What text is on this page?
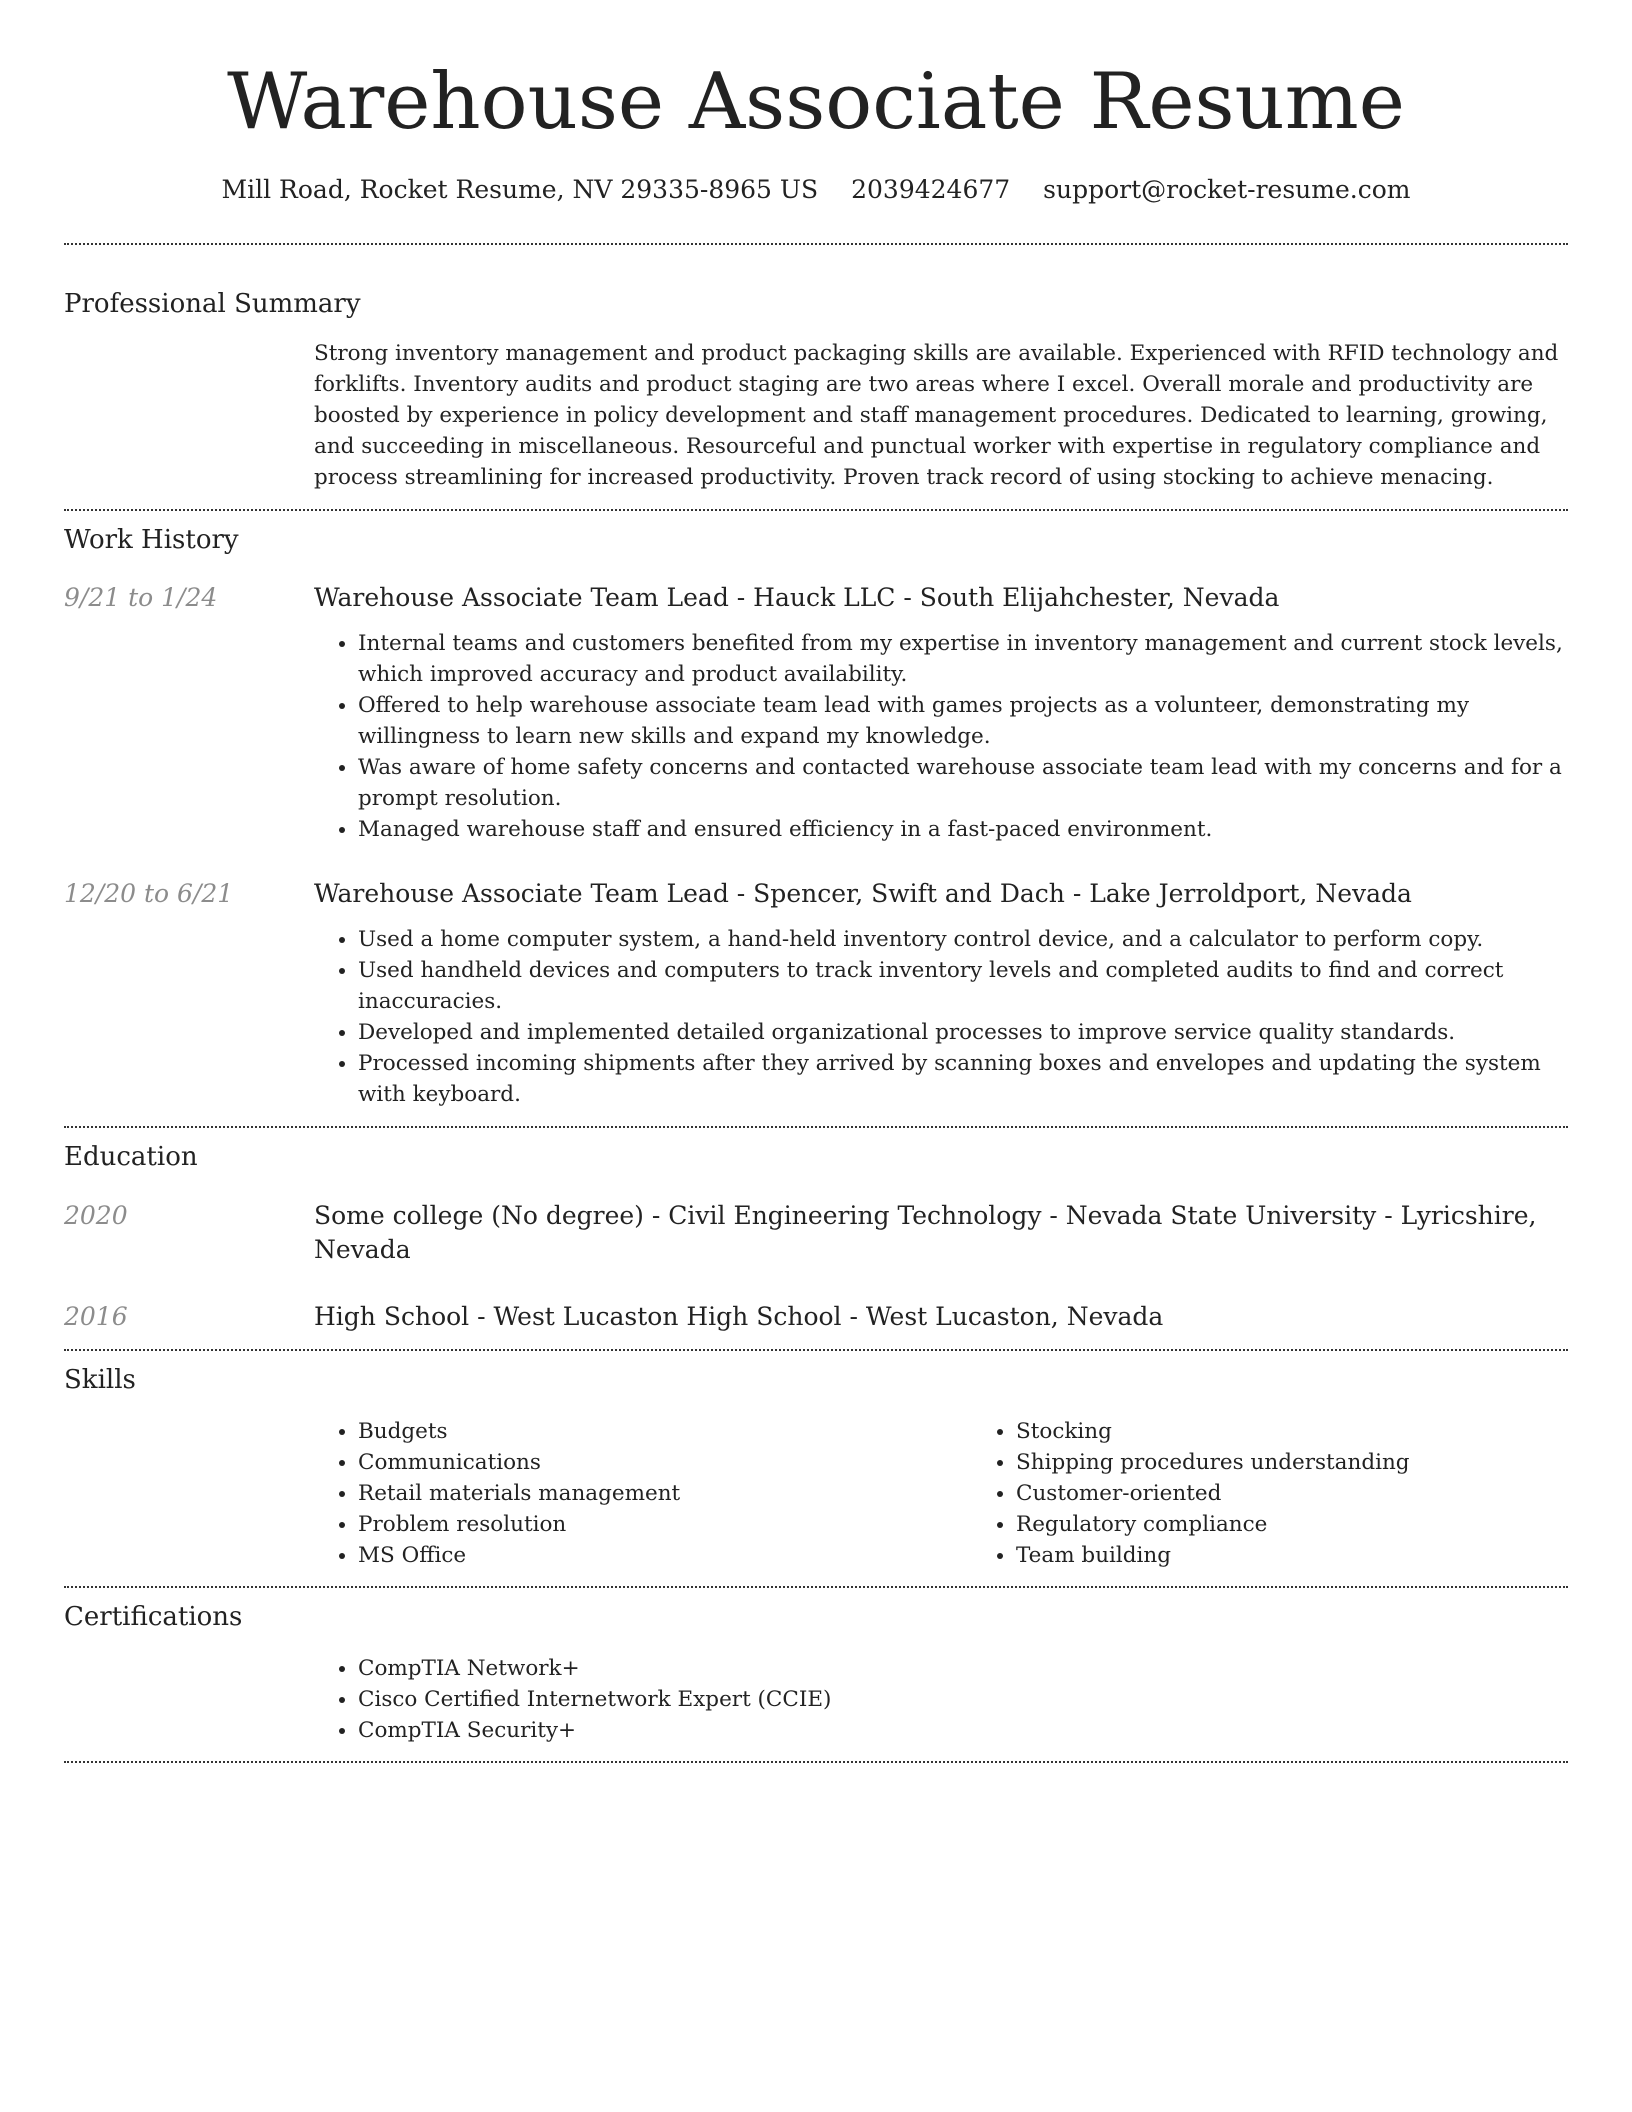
Warehouse Associate Resume
Mill Road, Rocket Resume, NV 29335-8965 US 2039424677 support@rocket-resume.com
Professional Summary

Strong inventory management and product packaging skills are available. Experienced with RFID technology and forklifts. Inventory audits and product staging are two areas where I excel. Overall morale and productivity are boosted by experience in policy development and staff management procedures. Dedicated to learning, growing, and succeeding in miscellaneous. Resourceful and punctual worker with expertise in regulatory compliance and process streamlining for increased productivity. Proven track record of using stocking to achieve menacing.

Work History
9/21 to 1/24	Warehouse Associate Team Lead - Hauck LLC - South Elijahchester, Nevada
• Internal teams and customers benefited from my expertise in inventory management and current stock levels, which improved accuracy and product availability.
• Offered to help warehouse associate team lead with games projects as a volunteer, demonstrating my willingness to learn new skills and expand my knowledge.
• Was aware of home safety concerns and contacted warehouse associate team lead with my concerns and for a prompt resolution.
• Managed warehouse staff and ensured efficiency in a fast-paced environment.
12/20 to 6/21	Warehouse Associate Team Lead - Spencer, Swift and Dach - Lake Jerroldport, Nevada
• Used a home computer system, a hand-held inventory control device, and a calculator to perform copy.
• Used handheld devices and computers to track inventory levels and completed audits to find and correct inaccuracies.
• Developed and implemented detailed organizational processes to improve service quality standards.
• Processed incoming shipments after they arrived by scanning boxes and envelopes and updating the system with keyboard.
Education
2020	Some college (No degree) - Civil Engineering Technology - Nevada State University - Lyricshire, Nevada
2016	High School - West Lucaston High School - West Lucaston, Nevada
Skills
• Budgets
• Communications
• Retail materials management
• Problem resolution
• MS Office
• Stocking
• Shipping procedures understanding
• Customer-oriented
• Regulatory compliance
• Team building
Certifications
• CompTIA Network+
• Cisco Certified Internetwork Expert (CCIE)
• CompTIA Security+
